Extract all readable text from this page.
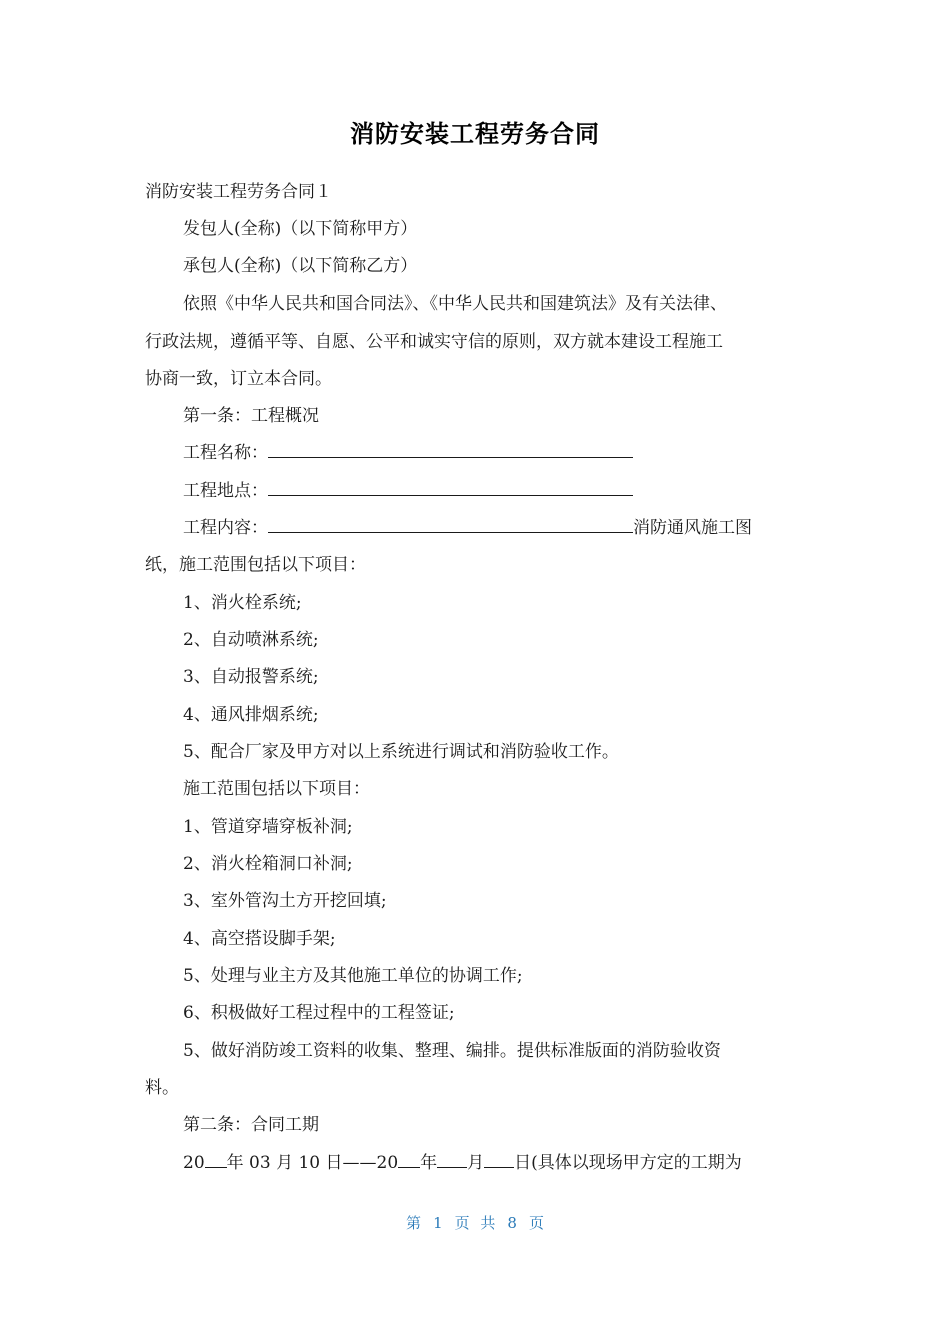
消防安装工程劳务合同
消防安装工程劳务合同１
发包人(全称)（以下简称甲方）
承包人(全称)（以下简称乙方）
依照《中华人民共和国合同法》、《中华人民共和国建筑法》及有关法律、
行政法规，遵循平等、自愿、公平和诚实守信的原则，双方就本建设工程施工
协商一致，订立本合同。
第一条：工程概况
工程名称：
工程地点：
工程内容：	消防通风施工图
纸，施工范围包括以下项目：
1、消火栓系统;
2、自动喷淋系统;
3、自动报警系统;
4、通风排烟系统;
5、配合厂家及甲方对以上系统进行调试和消防验收工作。
施工范围包括以下项目：
1、管道穿墙穿板补洞;
2、消火栓箱洞口补洞;
3、室外管沟土方开挖回填;
4、高空搭设脚手架;
5、处理与业主方及其他施工单位的协调工作;
6、积极做好工程过程中的工程签证;
5、做好消防竣工资料的收集、整理、编排。提供标准版面的消防验收资
料。
第二条：合同工期
20 年 03 月 10 日——20 年 月 日(具体以现场甲方定的工期为
第 1 页 共 8 页
